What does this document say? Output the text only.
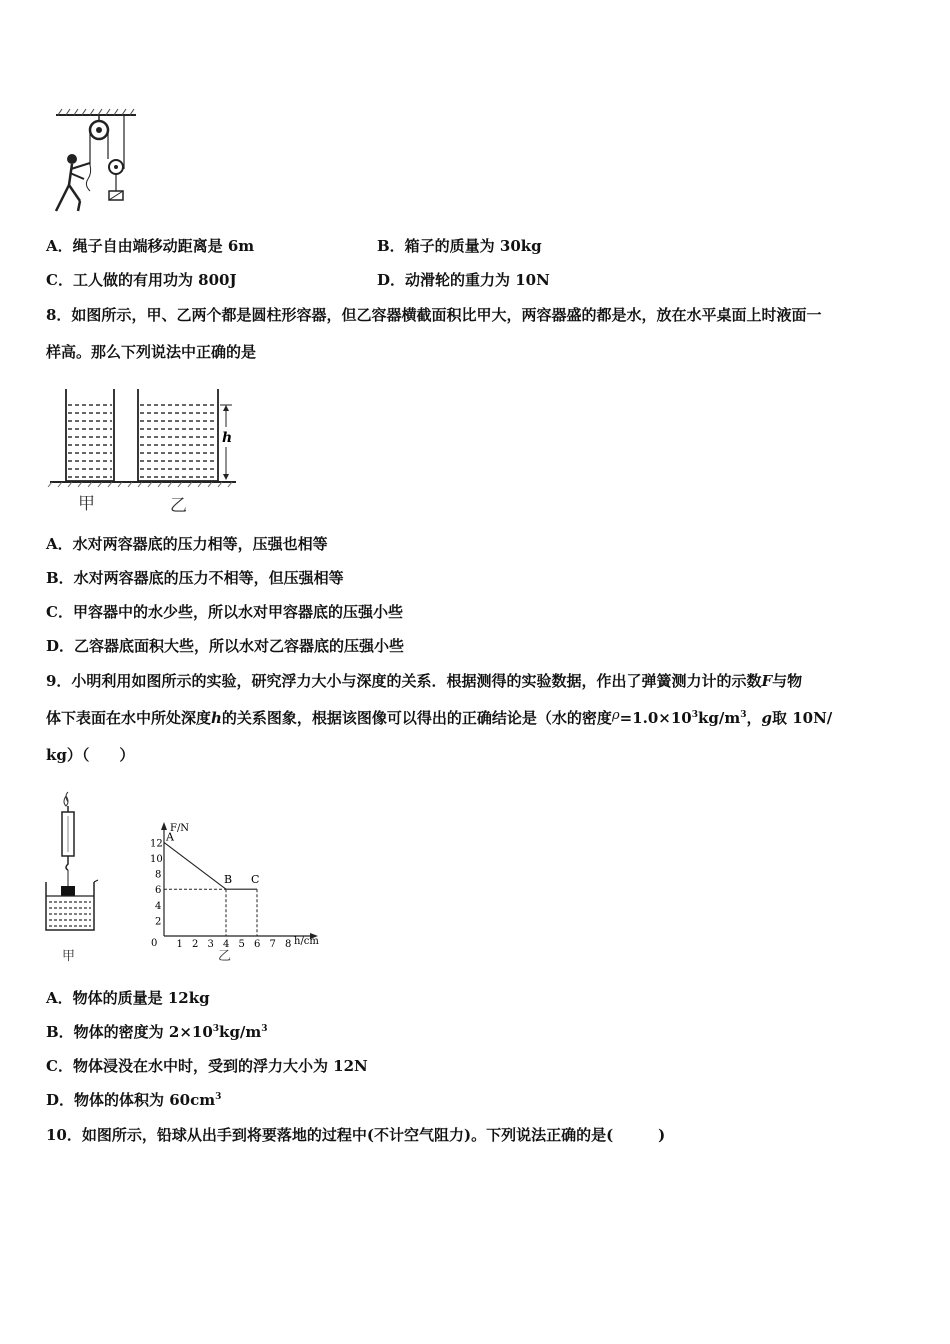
A．绳子自由端移动距离是 6m	B．箱子的质量为 30kg
C．工人做的有用功为 800J	D．动滑轮的重力为 10N
8．如图所示，甲、乙两个都是圆柱形容器，但乙容器横截面积比甲大，两容器盛的都是水，放在水平桌面上时液面一
样高。那么下列说法中正确的是
h
甲	乙
A．水对两容器底的压力相等，压强也相等
B．水对两容器底的压力不相等，但压强相等
C．甲容器中的水少些，所以水对甲容器底的压强小些
D．乙容器底面积大些，所以水对乙容器底的压强小些
9．小明利用如图所示的实验，研究浮力大小与深度的关系．根据测得的实验数据，作出了弹簧测力计的示数F与物
体下表面在水中所处深度h的关系图象，根据该图像可以得出的正确结论是（水的密度$\rho=1.0\times 10^3kg/m^3$，g取 10N/
kg）（　　）
甲
F/N
h/cm
1 2 3 4 5 6 7 8
0
2
4
6
8
10
12
A
B C
乙
A．物体的质量是 12kg
B．物体的密度为 $2\times 10^3kg/m^3$
C．物体浸没在水中时，受到的浮力大小为 12N
D．物体的体积为 $60cm^3$
10．如图所示，铅球从出手到将要落地的过程中(不计空气阻力)。下列说法正确的是(　　　)
